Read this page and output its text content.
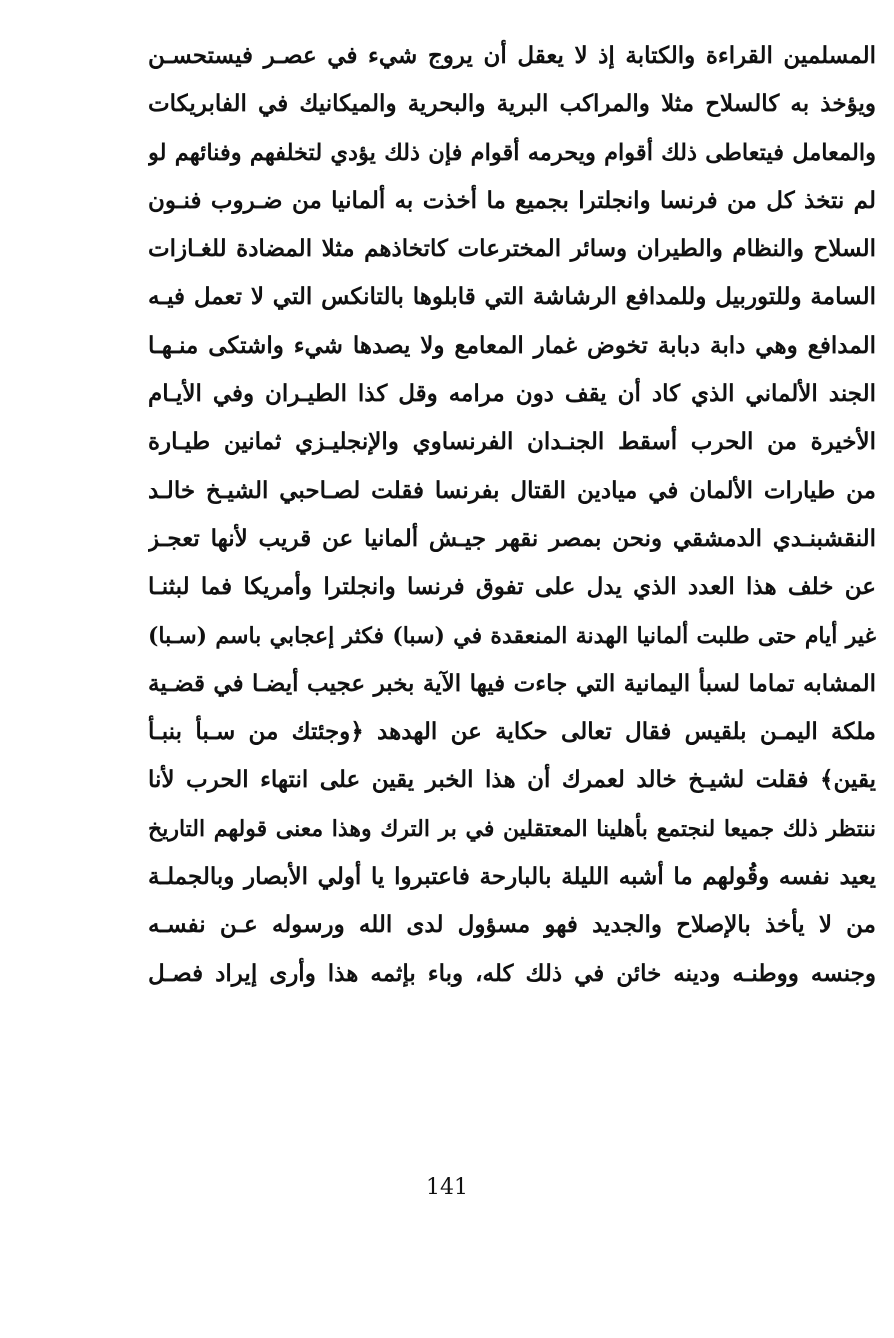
المسلمين القراءة والكتابة إذ لا يعقل أن يروج شيء في عصـر فيستحسـن
ويؤخذ به كالسلاح مثلا والمراكب البرية والبحرية والميكانيك في الفابريكات
والمعامل فيتعاطى ذلك أقوام ويحرمه أقوام فإن ذلك يؤدي لتخلفهم وفنائهم لو
لم نتخذ كل من فرنسا وانجلترا بجميع ما أخذت به ألمانيا من ضـروب فنـون
السلاح والنظام والطيران وسائر المخترعات كاتخاذهم مثلا المضادة للغـازات
السامة وللتوربيل وللمدافع الرشاشة التي قابلوها بالتانكس التي لا تعمل فيـه
المدافع وهي دابة دبابة تخوض غمار المعامع ولا يصدها شيء واشتكى منـهـا
الجند الألماني الذي كاد أن يقف دون مرامه وقل كذا الطيـران وفي الأيـام
الأخيرة من الحرب أسقط الجنـدان الفرنساوي والإنجليـزي ثمانين طيـارة
من طيارات الألمان في ميادين القتال بفرنسا فقلت لصـاحبي الشيـخ خالـد
النقشبنـدي الدمشقي ونحن بمصر نقهر جيـش ألمانيا عن قريب لأنها تعجـز
عن خلف هذا العدد الذي يدل على تفوق فرنسا وانجلترا وأمريكا فما لبثنـا
غير أيام حتى طلبت ألمانيا الهدنة المنعقدة في (سبا) فكثر إعجابي باسم (سـبا)
المشابه تماما لسبأ اليمانية التي جاءت فيها الآية بخبر عجيب أيضـا في قضـية
ملكة اليمـن بلقيس فقال تعالى حكاية عن الهدهد ﴿وجئتك من سـبأ بنبـأ
يقين﴾ فقلت لشيـخ خالد لعمرك أن هذا الخبر يقين على انتهاء الحرب لأنا
ننتظر ذلك جميعا لنجتمع بأهلينا المعتقلين في بر الترك وهذا معنى قولهم التاريخ
يعيد نفسه وقُولهم ما أشبه الليلة بالبارحة فاعتبروا يا أولي الأبصار وبالجملـة
من لا يأخذ بالإصلاح والجديد فهو مسؤول لدى الله ورسوله عـن نفسـه
وجنسه ووطنـه ودينه خائن في ذلك كله، وباء بإثمه هذا وأرى إيراد فصـل
141
